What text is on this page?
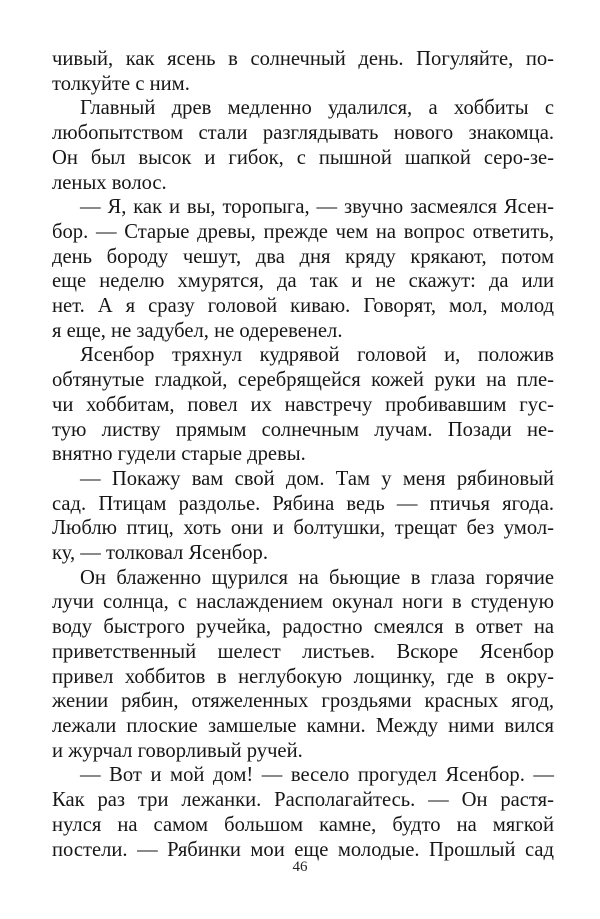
чивый, как ясень в солнечный день. Погуляйте, по-
толкуйте с ним.
Главный древ медленно удалился, а хоббиты с
любопытством стали разглядывать нового знакомца.
Он был высок и гибок, с пышной шапкой серо-зе-
леных волос.
— Я, как и вы, торопыга, — звучно засмеялся Ясен-
бор. — Старые древы, прежде чем на вопрос ответить,
день бороду чешут, два дня кряду крякают, потом
еще неделю хмурятся, да так и не скажут: да или
нет. А я сразу головой киваю. Говорят, мол, молод
я еще, не задубел, не одеревенел.
Ясенбор тряхнул кудрявой головой и, положив
обтянутые гладкой, серебрящейся кожей руки на пле-
чи хоббитам, повел их навстречу пробивавшим гус-
тую листву прямым солнечным лучам. Позади не-
внятно гудели старые древы.
— Покажу вам свой дом. Там у меня рябиновый
сад. Птицам раздолье. Рябина ведь — птичья ягода.
Люблю птиц, хоть они и болтушки, трещат без умол-
ку, — толковал Ясенбор.
Он блаженно щурился на бьющие в глаза горячие
лучи солнца, с наслаждением окунал ноги в студеную
воду быстрого ручейка, радостно смеялся в ответ на
приветственный шелест листьев. Вскоре Ясенбор
привел хоббитов в неглубокую лощинку, где в окру-
жении рябин, отяжеленных гроздьями красных ягод,
лежали плоские замшелые камни. Между ними вился
и журчал говорливый ручей.
— Вот и мой дом! — весело прогудел Ясенбор. —
Как раз три лежанки. Располагайтесь. — Он растя-
нулся на самом большом камне, будто на мягкой
постели. — Рябинки мои еще молодые. Прошлый сад
46
